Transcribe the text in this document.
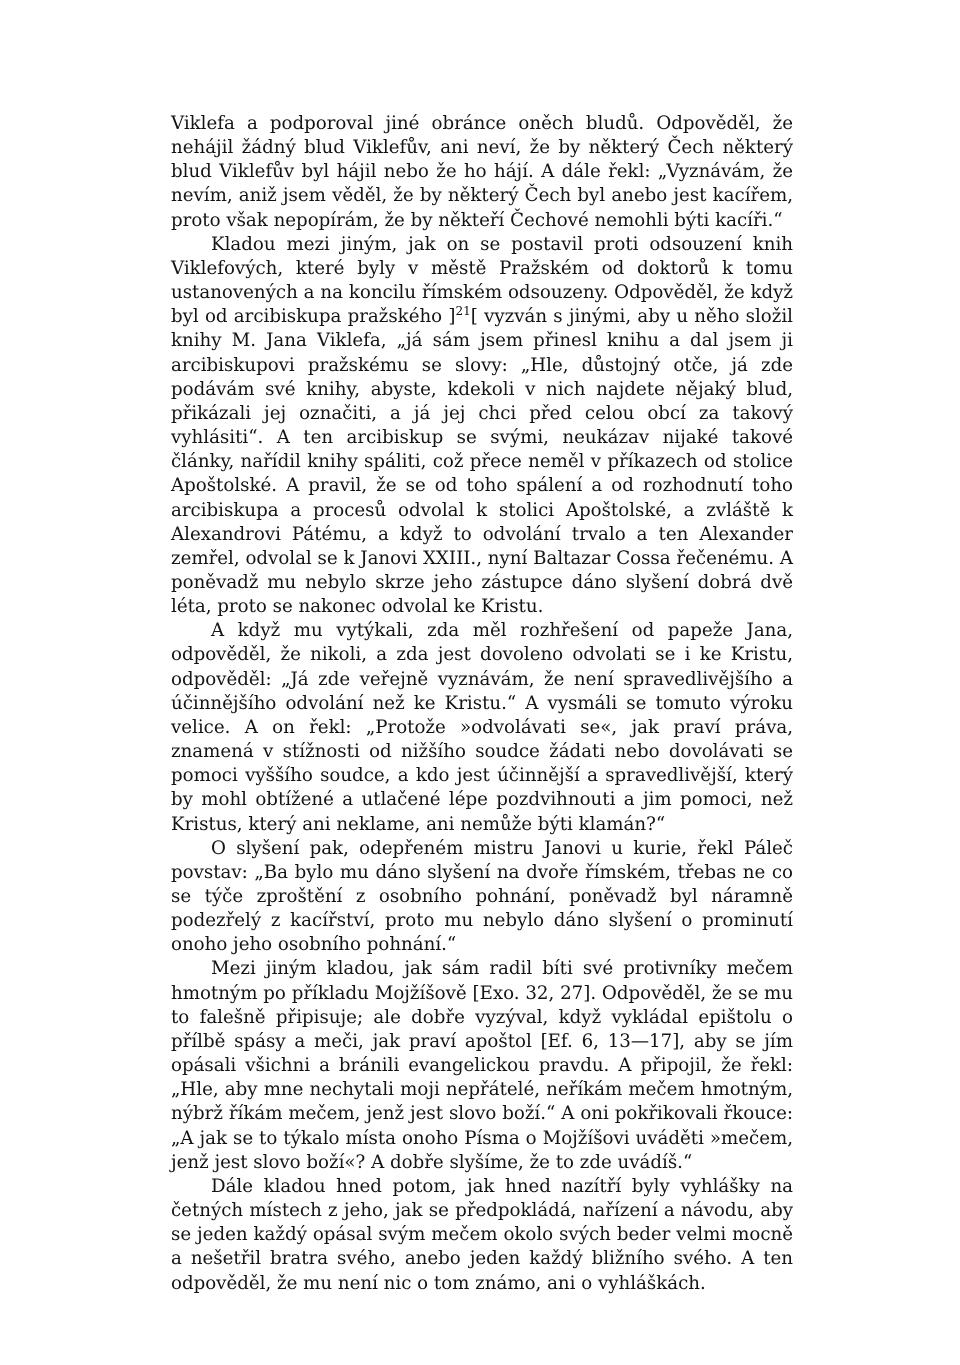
Viklefa a podporoval jiné obránce oněch bludů. Odpověděl, že nehájil žádný blud Viklefův, ani neví, že by některý Čech některý blud Viklefův byl hájil nebo že ho hájí. A dále řekl: „Vyznávám, že nevím, aniž jsem věděl, že by některý Čech byl anebo jest kacířem, proto však nepopírám, že by někteří Čechové nemohli býti kacíři.“

Kladou mezi jiným, jak on se postavil proti odsouzení knih Viklefových, které byly v městě Pražském od doktorů k tomu ustanovených a na koncilu římském odsouzeny. Odpověděl, že když byl od arcibiskupa pražského ]$^{21}$[ vyzván s jinými, aby u něho složil knihy M. Jana Viklefa, „já sám jsem přinesl knihu a dal jsem ji arcibiskupovi pražskému se slovy: „Hle, důstojný otče, já zde podávám své knihy, abyste, kdekoli v nich najdete nějaký blud, přikázali jej označiti, a já jej chci před celou obcí za takový vyhlásiti“. A ten arcibiskup se svými, neukázav nijaké takové články, nařídil knihy spáliti, což přece neměl v příkazech od stolice Apoštolské. A pravil, že se od toho spálení a od rozhodnutí toho arcibiskupa a procesů odvolal k stolici Apoštolské, a zvláště k Alexandrovi Pátému, a když to odvolání trvalo a ten Alexander zemřel, odvolal se k Janovi XXIII., nyní Baltazar Cossa řečenému. A poněvadž mu nebylo skrze jeho zástupce dáno slyšení dobrá dvě léta, proto se nakonec odvolal ke Kristu.

A když mu vytýkali, zda měl rozhřešení od papeže Jana, odpověděl, že nikoli, a zda jest dovoleno odvolati se i ke Kristu, odpověděl: „Já zde veřejně vyznávám, že není spravedlivějšího a účinnějšího odvolání než ke Kristu.“ A vysmáli se tomuto výroku velice. A on řekl: „Protože »odvolávati se«, jak praví práva, znamená v stížnosti od nižšího soudce žádati nebo dovolávati se pomoci vyššího soudce, a kdo jest účinnější a spravedlivější, který by mohl obtížené a utlačené lépe pozdvihnouti a jim pomoci, než Kristus, který ani neklame, ani nemůže býti klamán?“

O slyšení pak, odepřeném mistru Janovi u kurie, řekl Páleč povstav: „Ba bylo mu dáno slyšení na dvoře římském, třebas ne co se týče zproštění z osobního pohnání, poněvadž byl náramně podezřelý z kacířství, proto mu nebylo dáno slyšení o prominutí onoho jeho osobního pohnání.“

Mezi jiným kladou, jak sám radil bíti své protivníky mečem hmotným po příkladu Mojžíšově [Exo. 32, 27]. Odpověděl, že se mu to falešně připisuje; ale dobře vyzýval, když vykládal epištolu o přílbě spásy a meči, jak praví apoštol [Ef. 6, 13—17], aby se jím opásali všichni a bránili evangelickou pravdu. A připojil, že řekl: „Hle, aby mne nechytali moji nepřátelé, neříkám mečem hmotným, nýbrž říkám mečem, jenž jest slovo boží.“ A oni pokřikovali řkouce: „A jak se to týkalo místa onoho Písma o Mojžíšovi uváděti »mečem, jenž jest slovo boží«? A dobře slyšíme, že to zde uvádíš.“

Dále kladou hned potom, jak hned nazítří byly vyhlášky na četných místech z jeho, jak se předpokládá, nařízení a návodu, aby se jeden každý opásal svým mečem okolo svých beder velmi mocně a nešetřil bratra svého, anebo jeden každý bližního svého. A ten odpověděl, že mu není nic o tom známo, ani o vyhláškách.
